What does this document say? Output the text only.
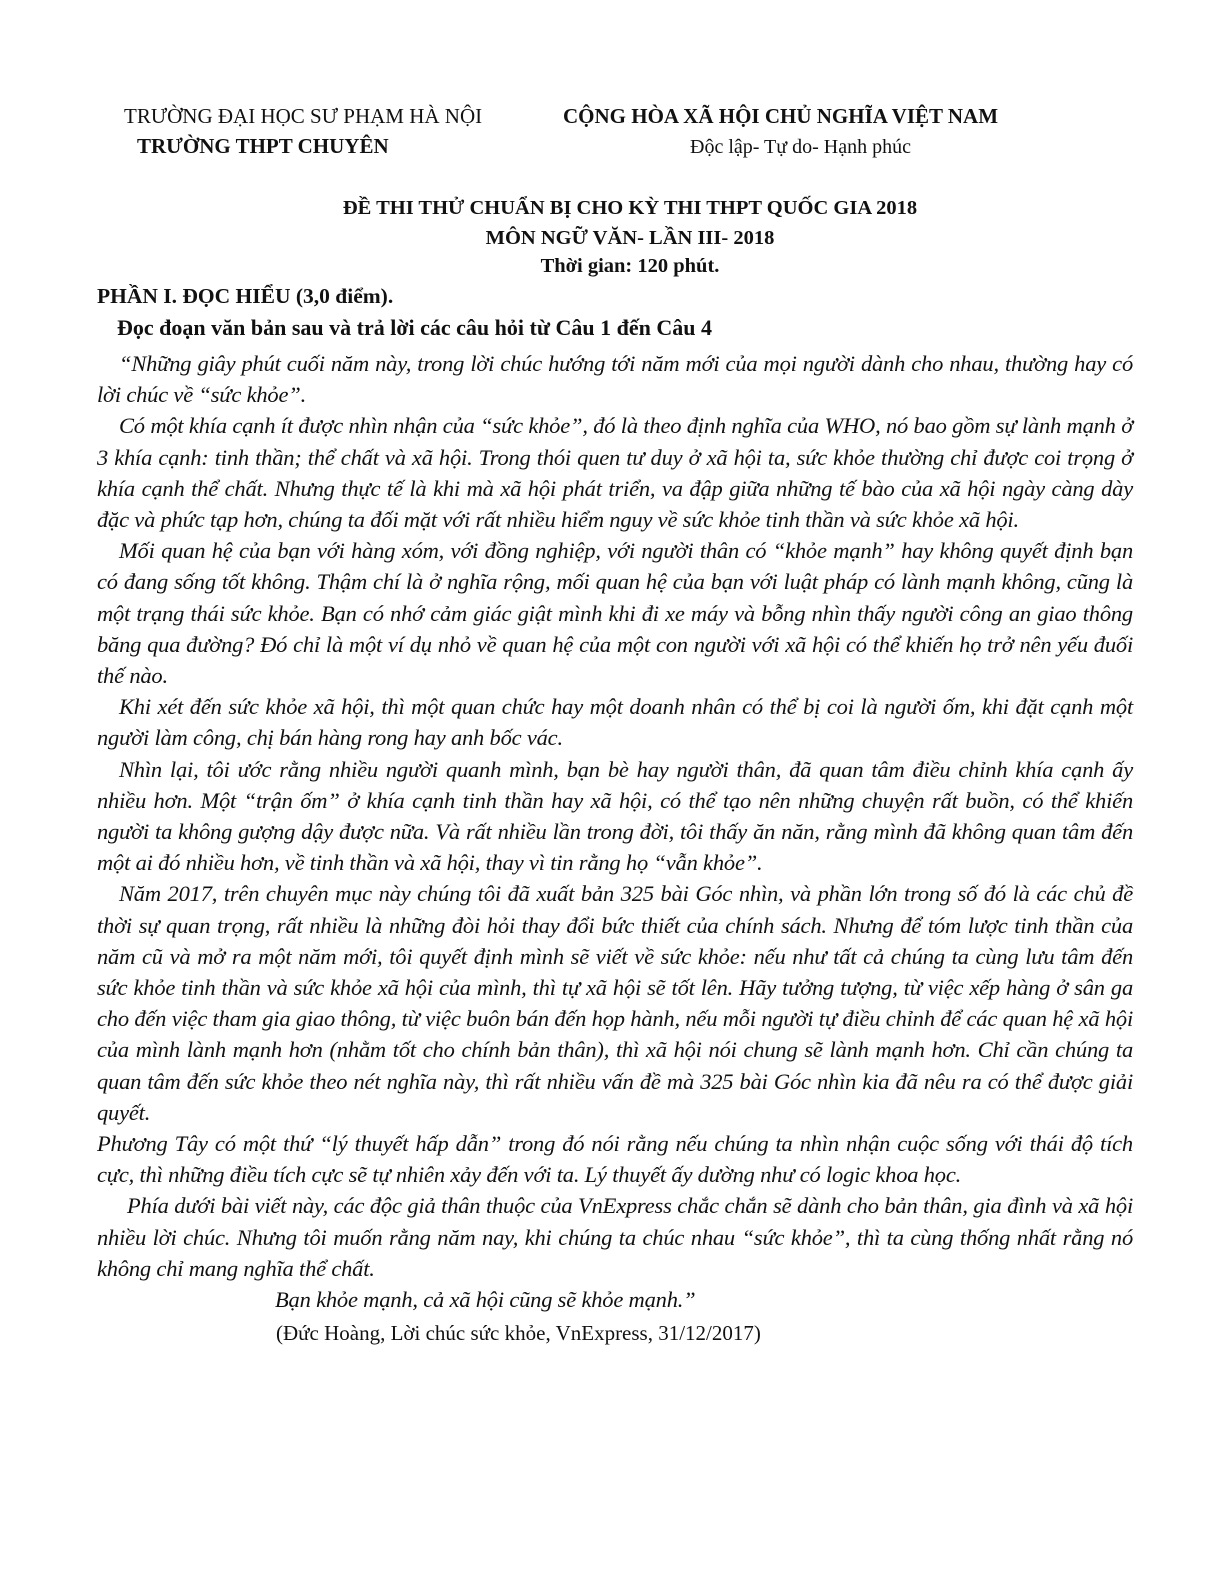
TRƯỜNG ĐẠI HỌC SƯ PHẠM HÀ NỘI
TRƯỜNG THPT CHUYÊN
CỘNG HÒA XÃ HỘI CHỦ NGHĨA VIỆT NAM
Độc lập- Tự do- Hạnh phúc
ĐỀ THI THỬ CHUẨN BỊ CHO KỲ THI THPT QUỐC GIA 2018
MÔN NGỮ VĂN- LẦN III- 2018
Thời gian: 120 phút.
PHẦN I. ĐỌC HIỂU (3,0 điểm).
Đọc đoạn văn bản sau và trả lời các câu hỏi từ Câu 1 đến Câu 4

“Những giây phút cuối năm này, trong lời chúc hướng tới năm mới của mọi người dành cho nhau, thường hay có lời chúc về “sức khỏe”.

Có một khía cạnh ít được nhìn nhận của “sức khỏe”, đó là theo định nghĩa của WHO, nó bao gồm sự lành mạnh ở 3 khía cạnh: tinh thần; thể chất và xã hội. Trong thói quen tư duy ở xã hội ta, sức khỏe thường chỉ được coi trọng ở khía cạnh thể chất. Nhưng thực tế là khi mà xã hội phát triển, va đập giữa những tế bào của xã hội ngày càng dày đặc và phức tạp hơn, chúng ta đối mặt với rất nhiều hiểm nguy về sức khỏe tinh thần và sức khỏe xã hội.

Mối quan hệ của bạn với hàng xóm, với đồng nghiệp, với người thân có “khỏe mạnh” hay không quyết định bạn có đang sống tốt không. Thậm chí là ở nghĩa rộng, mối quan hệ của bạn với luật pháp có lành mạnh không, cũng là một trạng thái sức khỏe. Bạn có nhớ cảm giác giật mình khi đi xe máy và bỗng nhìn thấy người công an giao thông băng qua đường? Đó chỉ là một ví dụ nhỏ về quan hệ của một con người với xã hội có thể khiến họ trở nên yếu đuối thế nào.

Khi xét đến sức khỏe xã hội, thì một quan chức hay một doanh nhân có thể bị coi là người ốm, khi đặt cạnh một người làm công, chị bán hàng rong hay anh bốc vác.

Nhìn lại, tôi ước rằng nhiều người quanh mình, bạn bè hay người thân, đã quan tâm điều chỉnh khía cạnh ấy nhiều hơn. Một “trận ốm” ở khía cạnh tinh thần hay xã hội, có thể tạo nên những chuyện rất buồn, có thể khiến người ta không gượng dậy được nữa. Và rất nhiều lần trong đời, tôi thấy ăn năn, rằng mình đã không quan tâm đến một ai đó nhiều hơn, về tinh thần và xã hội, thay vì tin rằng họ “vẫn khỏe”.

Năm 2017, trên chuyên mục này chúng tôi đã xuất bản 325 bài Góc nhìn, và phần lớn trong số đó là các chủ đề thời sự quan trọng, rất nhiều là những đòi hỏi thay đổi bức thiết của chính sách. Nhưng để tóm lược tinh thần của năm cũ và mở ra một năm mới, tôi quyết định mình sẽ viết về sức khỏe: nếu như tất cả chúng ta cùng lưu tâm đến sức khỏe tinh thần và sức khỏe xã hội của mình, thì tự xã hội sẽ tốt lên. Hãy tưởng tượng, từ việc xếp hàng ở sân ga cho đến việc tham gia giao thông, từ việc buôn bán đến họp hành, nếu mỗi người tự điều chỉnh để các quan hệ xã hội của mình lành mạnh hơn (nhằm tốt cho chính bản thân), thì xã hội nói chung sẽ lành mạnh hơn. Chỉ cần chúng ta quan tâm đến sức khỏe theo nét nghĩa này, thì rất nhiều vấn đề mà 325 bài Góc nhìn kia đã nêu ra có thể được giải quyết.

Phương Tây có một thứ “lý thuyết hấp dẫn” trong đó nói rằng nếu chúng ta nhìn nhận cuộc sống với thái độ tích cực, thì những điều tích cực sẽ tự nhiên xảy đến với ta. Lý thuyết ấy dường như có logic khoa học.

Phía dưới bài viết này, các độc giả thân thuộc của VnExpress chắc chắn sẽ dành cho bản thân, gia đình và xã hội nhiều lời chúc. Nhưng tôi muốn rằng năm nay, khi chúng ta chúc nhau “sức khỏe”, thì ta cùng thống nhất rằng nó không chỉ mang nghĩa thể chất.

Bạn khỏe mạnh, cả xã hội cũng sẽ khỏe mạnh.”

(Đức Hoàng, Lời chúc sức khỏe, VnExpress, 31/12/2017)
